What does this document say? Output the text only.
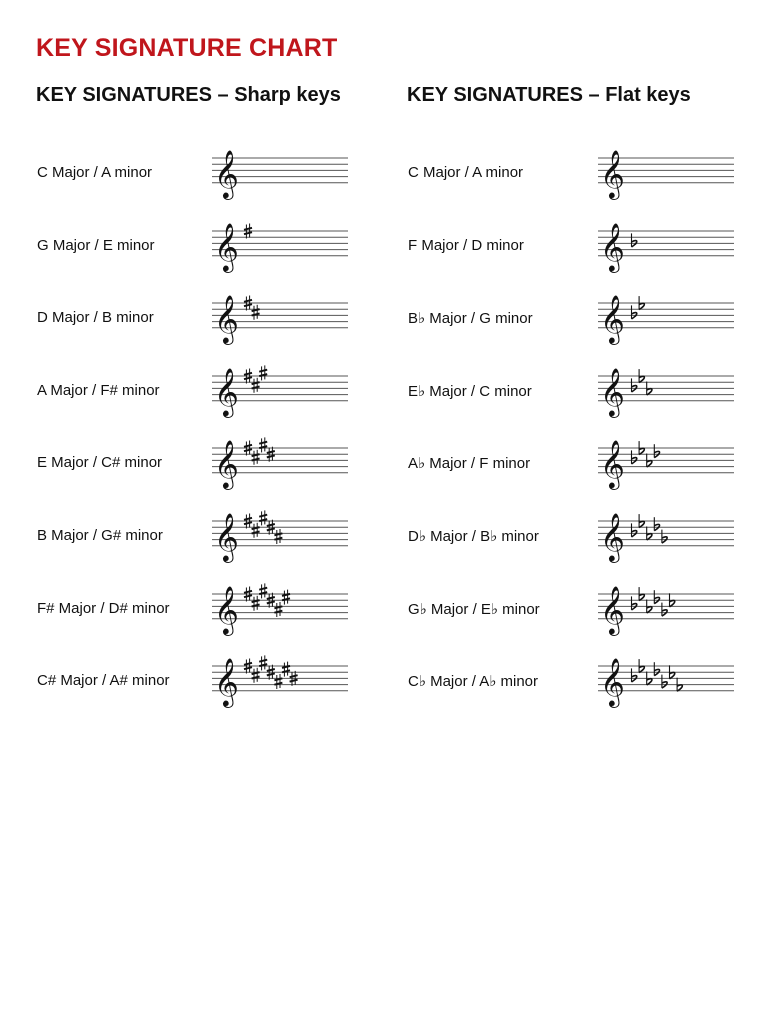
KEY SIGNATURE CHART
KEY SIGNATURES – Sharp keys	KEY SIGNATURES – Flat keys
C Major / A minor 𝄞
G Major / E minor 𝄞
D Major / B minor 𝄞
A Major / F# minor 𝄞
E Major / C# minor 𝄞
B Major / G# minor 𝄞
F# Major / D# minor 𝄞
C# Major / A# minor 𝄞
C Major / A minor 𝄞
F Major / D minor 𝄞
B♭ Major / G minor 𝄞
E♭ Major / C minor 𝄞
A♭ Major / F minor 𝄞
D♭ Major / B♭ minor 𝄞
G♭ Major / E♭ minor 𝄞
C♭ Major / A♭ minor 𝄞
